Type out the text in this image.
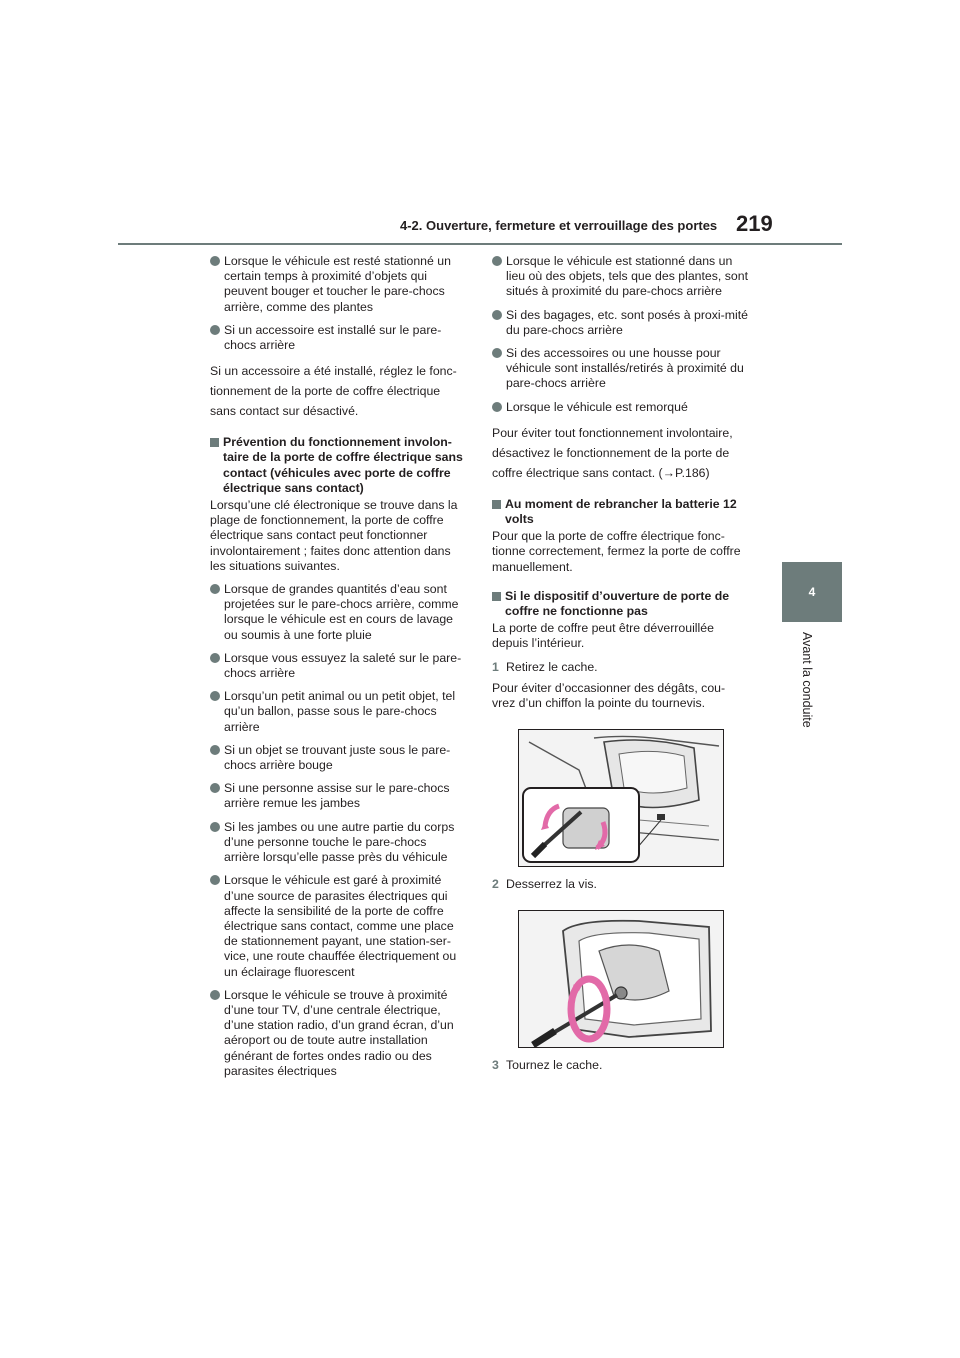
4-2. Ouverture, fermeture et verrouillage des portes 219
4
Avant la conduite
Lorsque le véhicule est resté stationné un certain temps à proximité d’objets qui peuvent bouger et toucher le pare-chocs arrière, comme des plantes
Si un accessoire est installé sur le pare-chocs arrière
Si un accessoire a été installé, réglez le fonc-tionnement de la porte de coffre électrique sans contact sur désactivé.
Prévention du fonctionnement involon-taire de la porte de coffre électrique sans contact (véhicules avec porte de coffre électrique sans contact)
Lorsqu’une clé électronique se trouve dans la plage de fonctionnement, la porte de coffre électrique sans contact peut fonctionner involontairement ; faites donc attention dans les situations suivantes.
Lorsque de grandes quantités d’eau sont projetées sur le pare-chocs arrière, comme lorsque le véhicule est en cours de lavage ou soumis à une forte pluie
Lorsque vous essuyez la saleté sur le pare-chocs arrière
Lorsqu’un petit animal ou un petit objet, tel qu’un ballon, passe sous le pare-chocs arrière
Si un objet se trouvant juste sous le pare-chocs arrière bouge
Si une personne assise sur le pare-chocs arrière remue les jambes
Si les jambes ou une autre partie du corps d’une personne touche le pare-chocs arrière lorsqu’elle passe près du véhicule
Lorsque le véhicule est garé à proximité d’une source de parasites électriques qui affecte la sensibilité de la porte de coffre électrique sans contact, comme une place de stationnement payant, une station-ser-vice, une route chauffée électriquement ou un éclairage fluorescent
Lorsque le véhicule se trouve à proximité d’une tour TV, d’une centrale électrique, d’une station radio, d’un grand écran, d’un aéroport ou de toute autre installation générant de fortes ondes radio ou des parasites électriques
Lorsque le véhicule est stationné dans un lieu où des objets, tels que des plantes, sont situés à proximité du pare-chocs arrière
Si des bagages, etc. sont posés à proxi-mité du pare-chocs arrière
Si des accessoires ou une housse pour véhicule sont installés/retirés à proximité du pare-chocs arrière
Lorsque le véhicule est remorqué
Pour éviter tout fonctionnement involontaire, désactivez le fonctionnement de la porte de coffre électrique sans contact. (→P.186)
Au moment de rebrancher la batterie 12 volts
Pour que la porte de coffre électrique fonc-tionne correctement, fermez la porte de coffre manuellement.
Si le dispositif d’ouverture de porte de coffre ne fonctionne pas
La porte de coffre peut être déverrouillée depuis l’intérieur.
1 Retirez le cache.
Pour éviter d’occasionner des dégâts, cou-vrez d’un chiffon la pointe du tournevis.
2 Desserrez la vis.
3 Tournez le cache.
